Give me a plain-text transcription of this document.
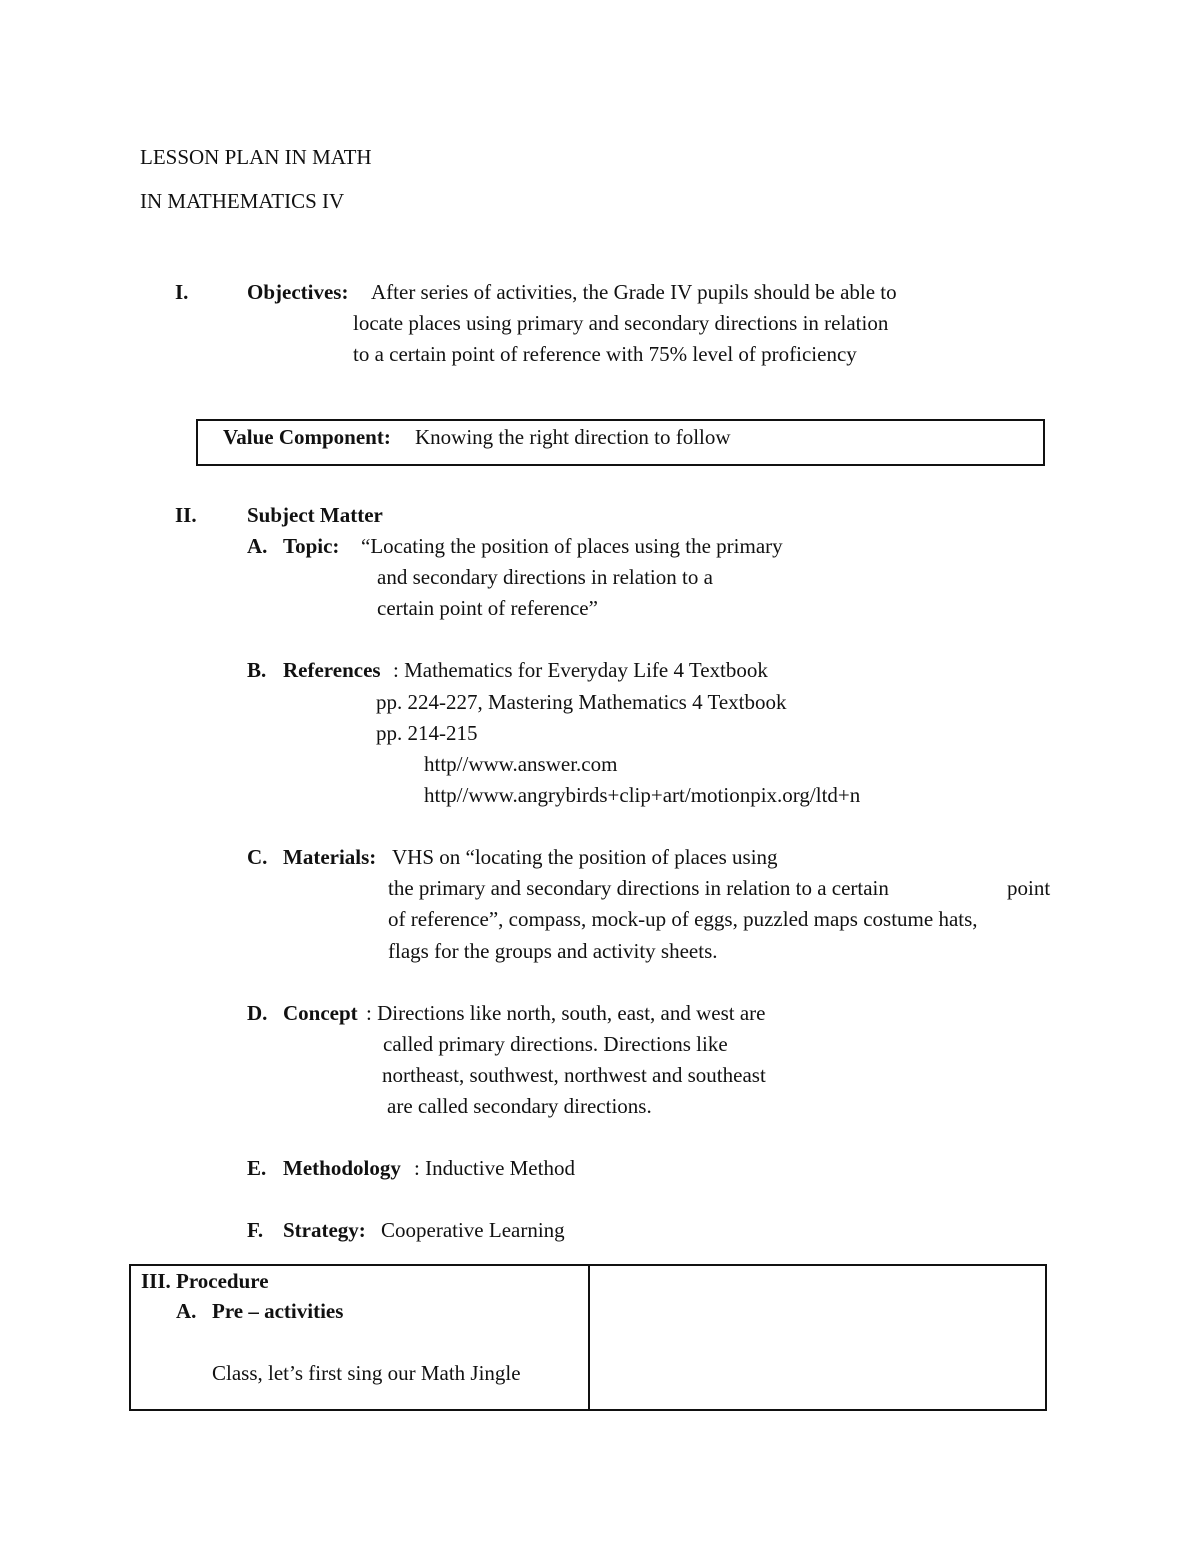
LESSON PLAN IN MATH
IN MATHEMATICS IV
I.	Objectives: After series of activities, the Grade IV pupils should be able to
locate places using primary and secondary directions in relation
to a certain point of reference with 75% level of proficiency
Value Component: Knowing the right direction to follow
II. Subject Matter
A. Topic: “Locating the position of places using the primary
and secondary directions in relation to a
certain point of reference”
B. References : Mathematics for Everyday Life 4 Textbook
pp. 224-227, Mastering Mathematics 4 Textbook
pp. 214-215
http//www.answer.com
http//www.angrybirds+clip+art/motionpix.org/ltd+n
C. Materials: VHS on “locating the position of places using
the primary and secondary directions in relation to a certain	point
of reference”, compass, mock-up of eggs, puzzled maps costume hats,
flags for the groups and activity sheets.
D. Concept : Directions like north, south, east, and west are
called primary directions. Directions like
northeast, southwest, northwest and southeast
are called secondary directions.
E. Methodology : Inductive Method
F. Strategy: Cooperative Learning
III. Procedure
A. Pre – activities
Class, let’s first sing our Math Jingle
